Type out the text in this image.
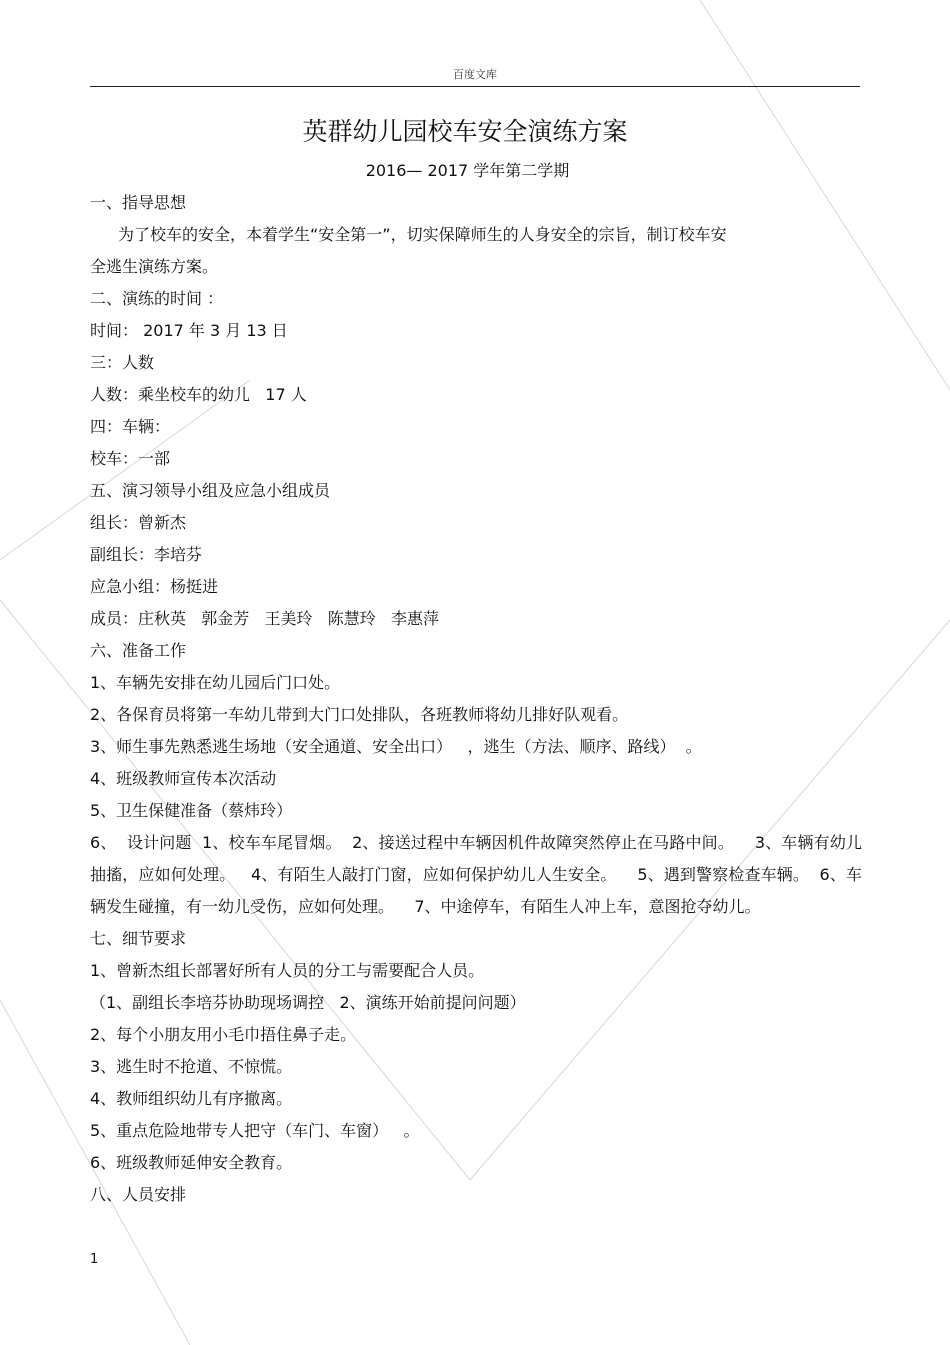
百度文库
英群幼儿园校车安全演练方案
2016— 2017 学年第二学期

一、指导思想

为了校车的安全，本着学生“安全第一”，切实保障师生的人身安全的宗旨，制订校车安

全逃生演练方案。

二、演练的时间 ：

时间： 2017 年 3 月 13 日

三：人数

人数：乘坐校车的幼儿   17 人

四：车辆：

校车：一部

五、演习领导小组及应急小组成员

组长：曾新杰

副组长：李培芬

应急小组：杨挺进

成员：庄秋英   郭金芳   王美玲   陈慧玲   李惠萍

六、准备工作

1、车辆先安排在幼儿园后门口处。

2、各保育员将第一车幼儿带到大门口处排队，各班教师将幼儿排好队观看。

3、师生事先熟悉逃生场地（安全通道、安全出口）   ，逃生（方法、顺序、路线）  。

4、班级教师宣传本次活动

5、卫生保健准备（蔡炜玲）

6、  设计问题  1、校车车尾冒烟。  2、接送过程中车辆因机件故障突然停止在马路中间。    3、车辆有幼儿抽搐，应如何处理。   4、有陌生人敲打门窗，应如何保护幼儿人生安全。    5、遇到警察检查车辆。  6、车辆发生碰撞，有一幼儿受伤，应如何处理。    7、中途停车，有陌生人冲上车，意图抢夺幼儿。

七、细节要求

1、曾新杰组长部署好所有人员的分工与需要配合人员。

（1、副组长李培芬协助现场调控   2、演练开始前提问问题）

2、每个小朋友用小毛巾捂住鼻子走。

3、逃生时不抢道、不惊慌。

4、教师组织幼儿有序撤离。

5、重点危险地带专人把守（车门、车窗）   。

6、班级教师延伸安全教育。

八、人员安排

1
